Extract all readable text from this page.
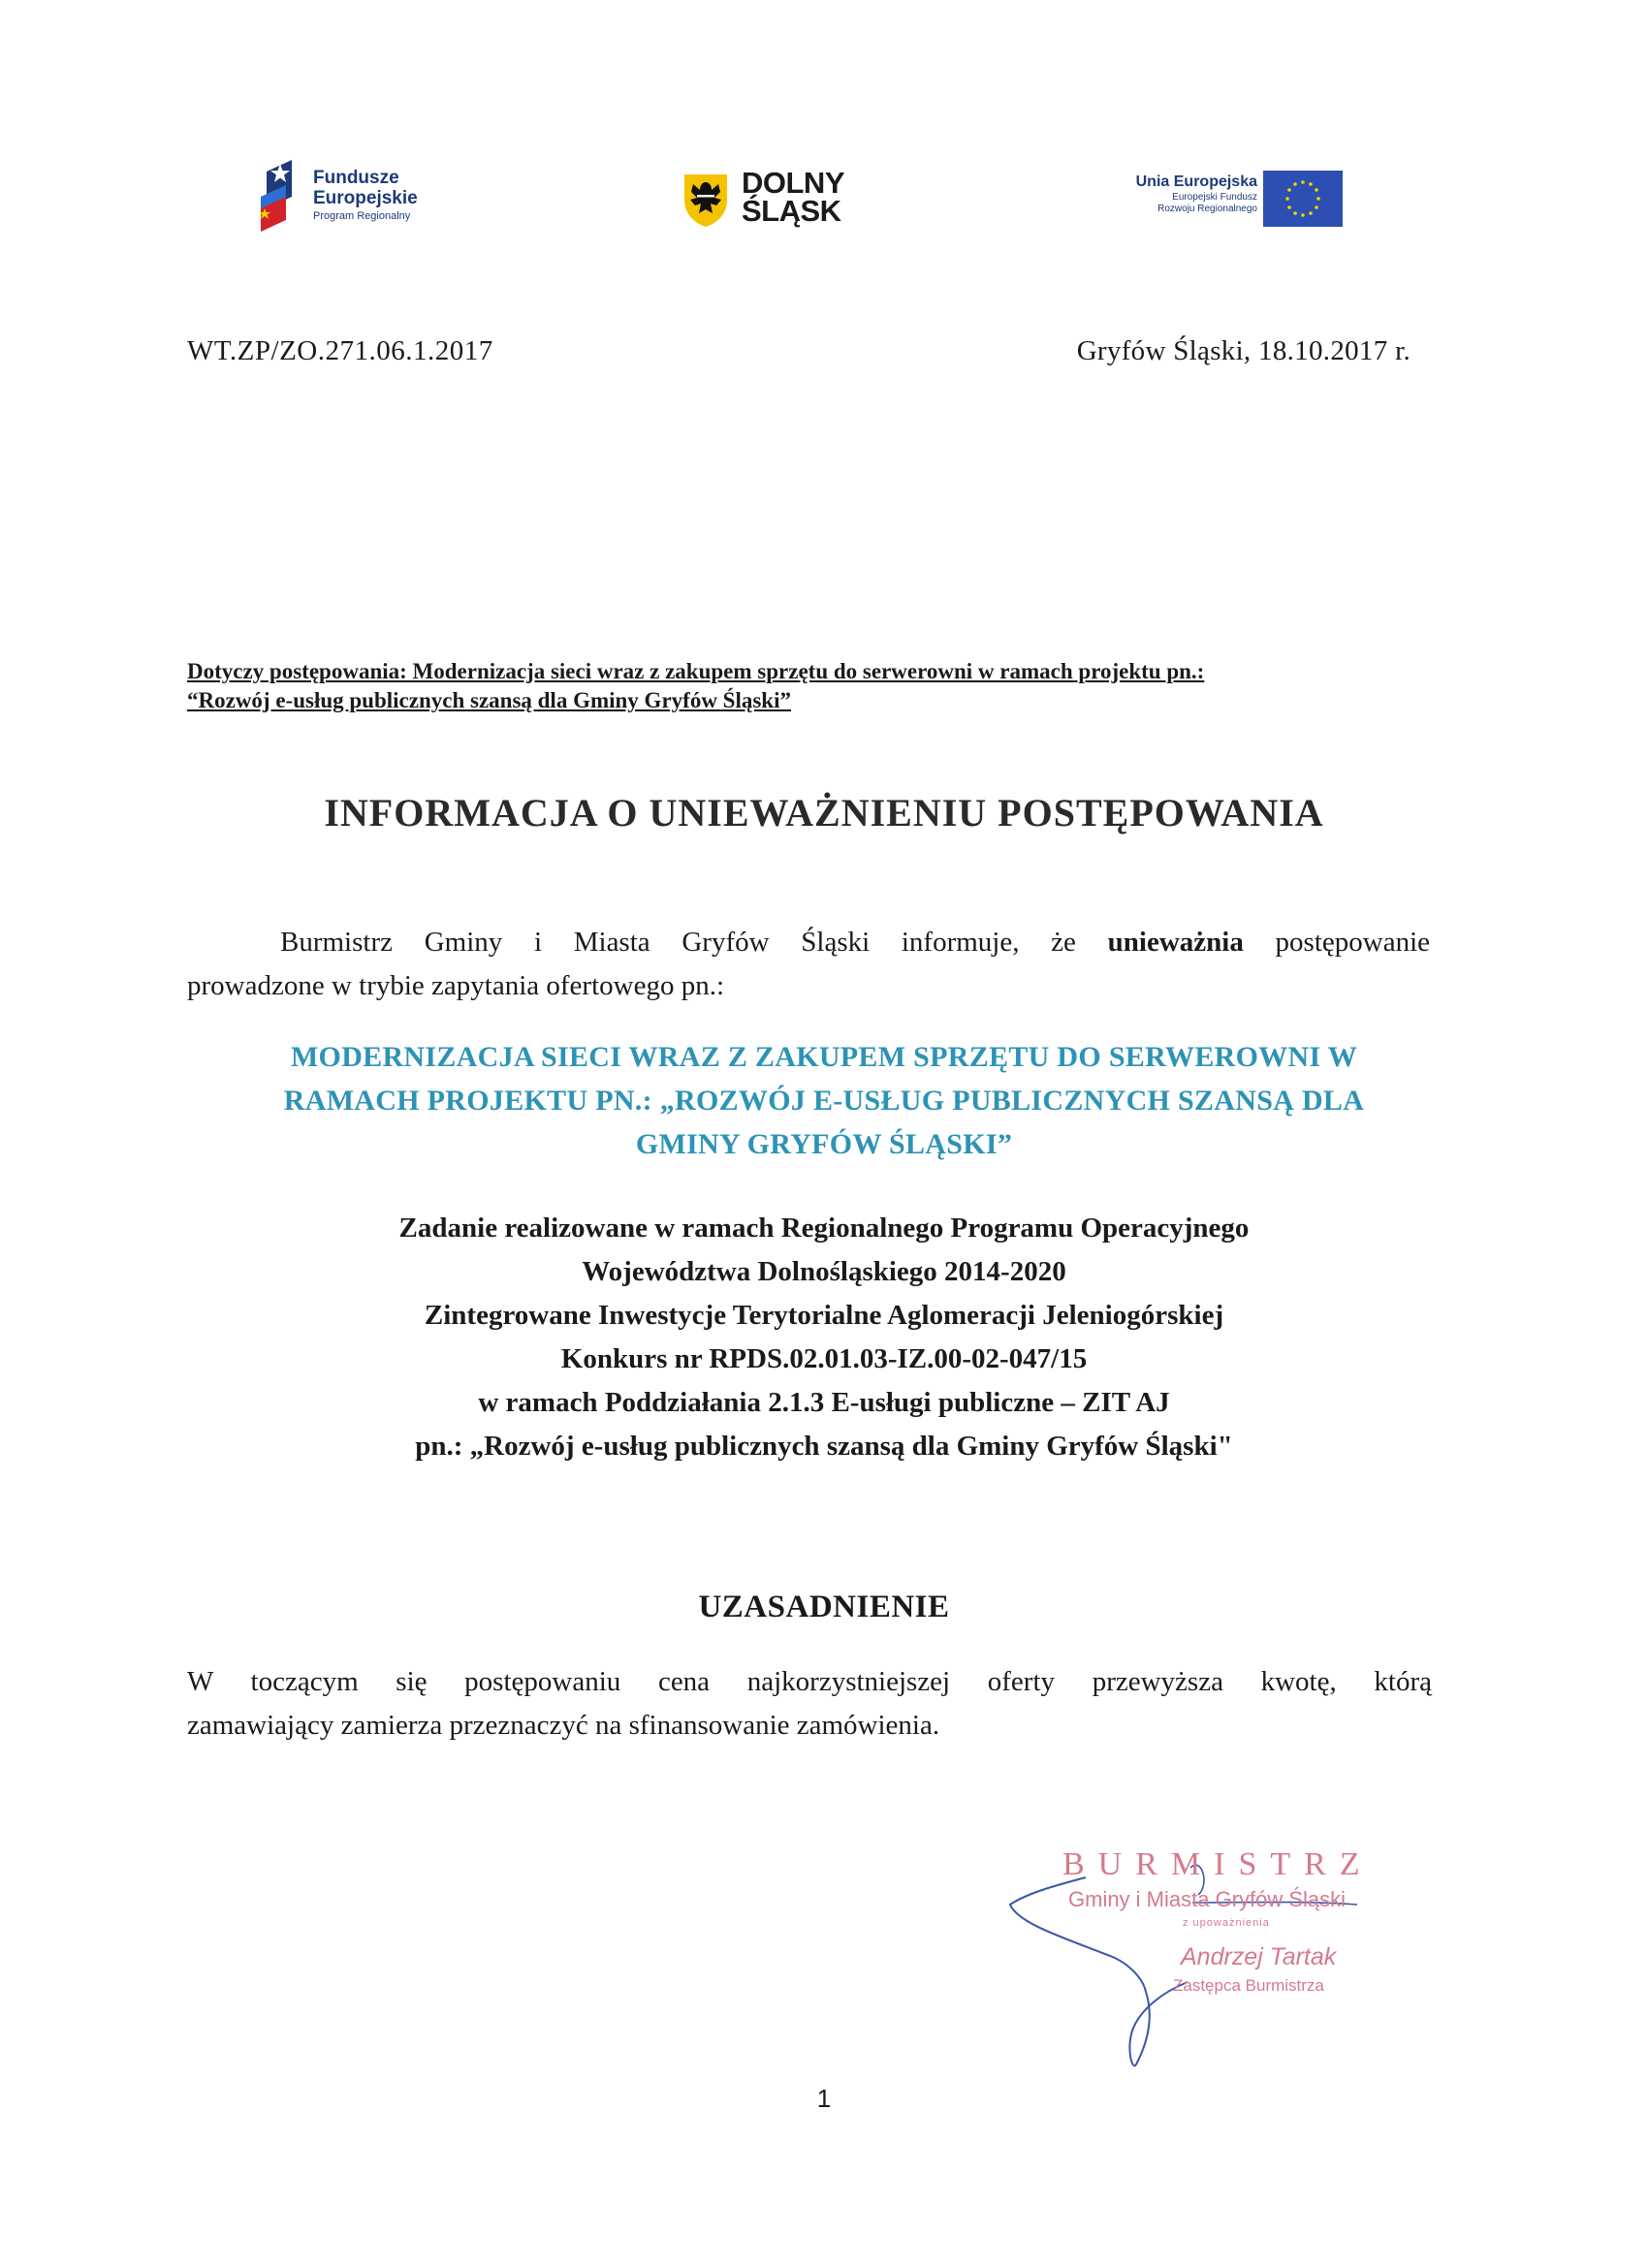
Fundusze
Europejskie
Program Regionalny
DOLNY
ŚLĄSK
Unia Europejska
Europejski Fundusz
Rozwoju Regionalnego
WT.ZP/ZO.271.06.1.2017	Gryfów Śląski, 18.10.2017 r.
Dotyczy postępowania: Modernizacja sieci wraz z zakupem sprzętu do serwerowni w ramach projektu pn.:
“Rozwój e-usług publicznych szansą dla Gminy Gryfów Śląski”
INFORMACJA O UNIEWAŻNIENIU POSTĘPOWANIA
Burmistrz Gminy i Miasta Gryfów Śląski informuje, że unieważnia postępowanie
prowadzone w trybie zapytania ofertowego pn.:
MODERNIZACJA SIECI WRAZ Z ZAKUPEM SPRZĘTU DO SERWEROWNI W
RAMACH PROJEKTU PN.: „ROZWÓJ E-USŁUG PUBLICZNYCH SZANSĄ DLA
GMINY GRYFÓW ŚLĄSKI”
Zadanie realizowane w ramach Regionalnego Programu Operacyjnego
Województwa Dolnośląskiego 2014-2020
Zintegrowane Inwestycje Terytorialne Aglomeracji Jeleniogórskiej
Konkurs nr RPDS.02.01.03-IZ.00-02-047/15
w ramach Poddziałania 2.1.3 E-usługi publiczne – ZIT AJ
pn.: „Rozwój e-usług publicznych szansą dla Gminy Gryfów Śląski"
UZASADNIENIE
W toczącym się postępowaniu cena najkorzystniejszej oferty przewyższa kwotę, którą
zamawiający zamierza przeznaczyć na sfinansowanie zamówienia.
BURMISTRZ
Gminy i Miasta Gryfów Śląski
z upoważnienia
Andrzej Tartak
Zastępca Burmistrza
1
